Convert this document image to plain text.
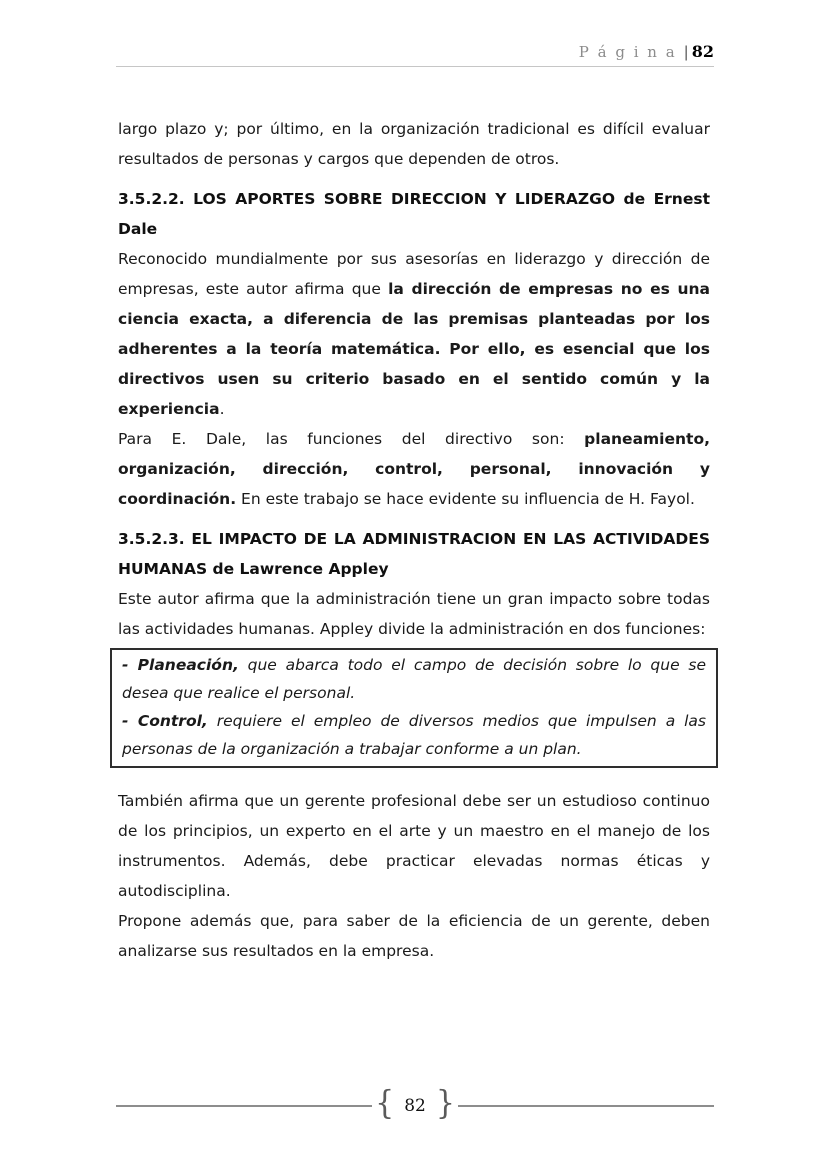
P á g i n a | 82

largo plazo y; por último, en la organización tradicional es difícil evaluar resultados de personas y cargos que dependen de otros.

3.5.2.2. LOS APORTES SOBRE DIRECCION Y LIDERAZGO de Ernest Dale

Reconocido mundialmente por sus asesorías en liderazgo y dirección de empresas, este autor afirma que la dirección de empresas no es una ciencia exacta, a diferencia de las premisas planteadas por los adherentes a la teoría matemática. Por ello, es esencial que los directivos usen su criterio basado en el sentido común y la experiencia.

Para E. Dale, las funciones del directivo son: planeamiento, organización, dirección, control, personal, innovación y coordinación. En este trabajo se hace evidente su influencia de H. Fayol.

3.5.2.3. EL IMPACTO DE LA ADMINISTRACION EN LAS ACTIVIDADES HUMANAS de Lawrence Appley

Este autor afirma que la administración tiene un gran impacto sobre todas las actividades humanas. Appley divide la administración en dos funciones:

- Planeación, que abarca todo el campo de decisión sobre lo que se desea que realice el personal.

- Control, requiere el empleo de diversos medios que impulsen a las personas de la organización a trabajar conforme a un plan.

También afirma que un gerente profesional debe ser un estudioso continuo de los principios, un experto en el arte y un maestro en el manejo de los instrumentos. Además, debe practicar elevadas normas éticas y autodisciplina.

Propone además que, para saber de la eficiencia de un gerente, deben analizarse sus resultados en la empresa.

{ 82 }
